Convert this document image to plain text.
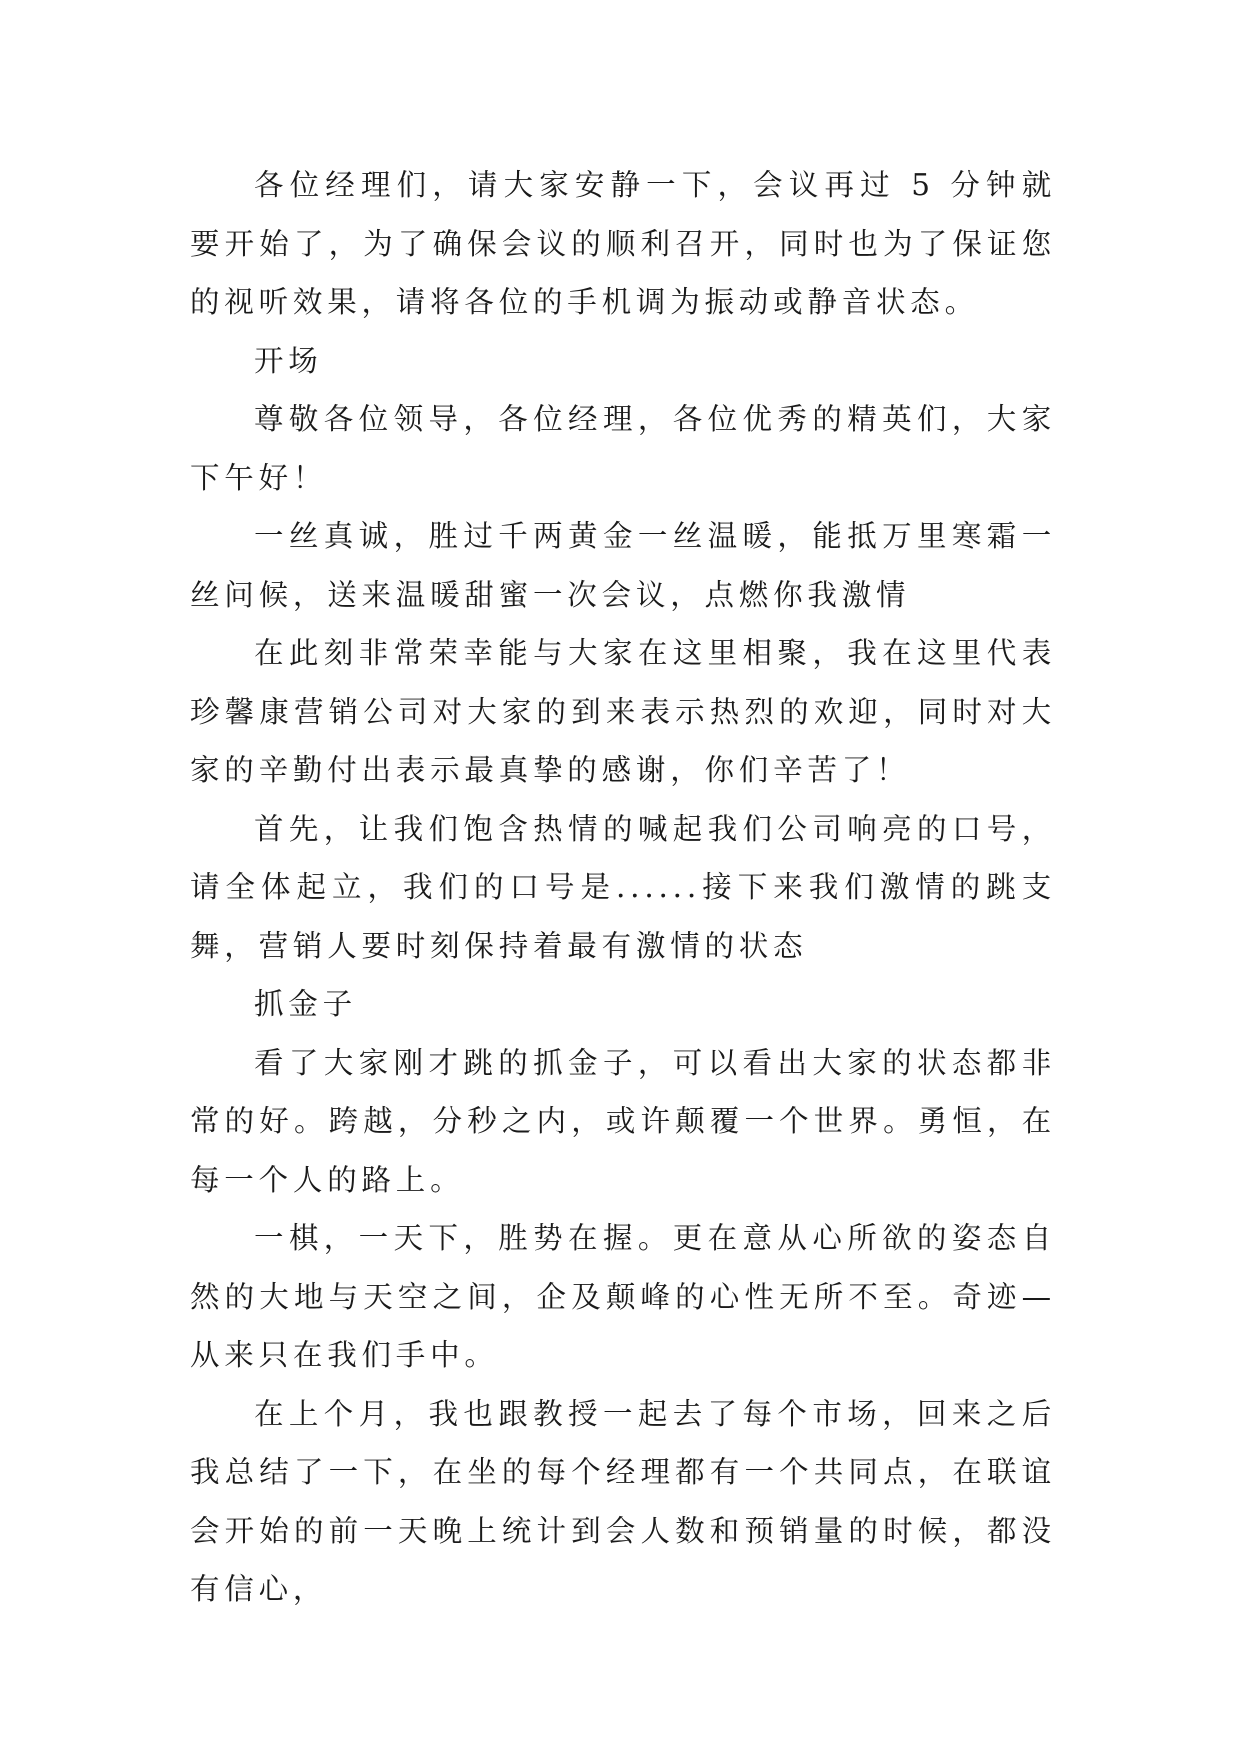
各位经理们，请大家安静一下，会议再过 5 分钟就要开始了，为了确保会议的顺利召开，同时也为了保证您的视听效果，请将各位的手机调为振动或静音状态。

开场

尊敬各位领导，各位经理，各位优秀的精英们，大家下午好！

一丝真诚，胜过千两黄金一丝温暖，能抵万里寒霜一丝问候，送来温暖甜蜜一次会议，点燃你我激情

在此刻非常荣幸能与大家在这里相聚，我在这里代表珍馨康营销公司对大家的到来表示热烈的欢迎，同时对大家的辛勤付出表示最真挚的感谢，你们辛苦了！

首先，让我们饱含热情的喊起我们公司响亮的口号，请全体起立，我们的口号是......接下来我们激情的跳支舞，营销人要时刻保持着最有激情的状态

抓金子

看了大家刚才跳的抓金子，可以看出大家的状态都非常的好。跨越，分秒之内，或许颠覆一个世界。勇恒，在每一个人的路上。

一棋，一天下，胜势在握。更在意从心所欲的姿态自然的大地与天空之间，企及颠峰的心性无所不至。奇迹—从来只在我们手中。

在上个月，我也跟教授一起去了每个市场，回来之后我总结了一下，在坐的每个经理都有一个共同点，在联谊会开始的前一天晚上统计到会人数和预销量的时候，都没有信心，
